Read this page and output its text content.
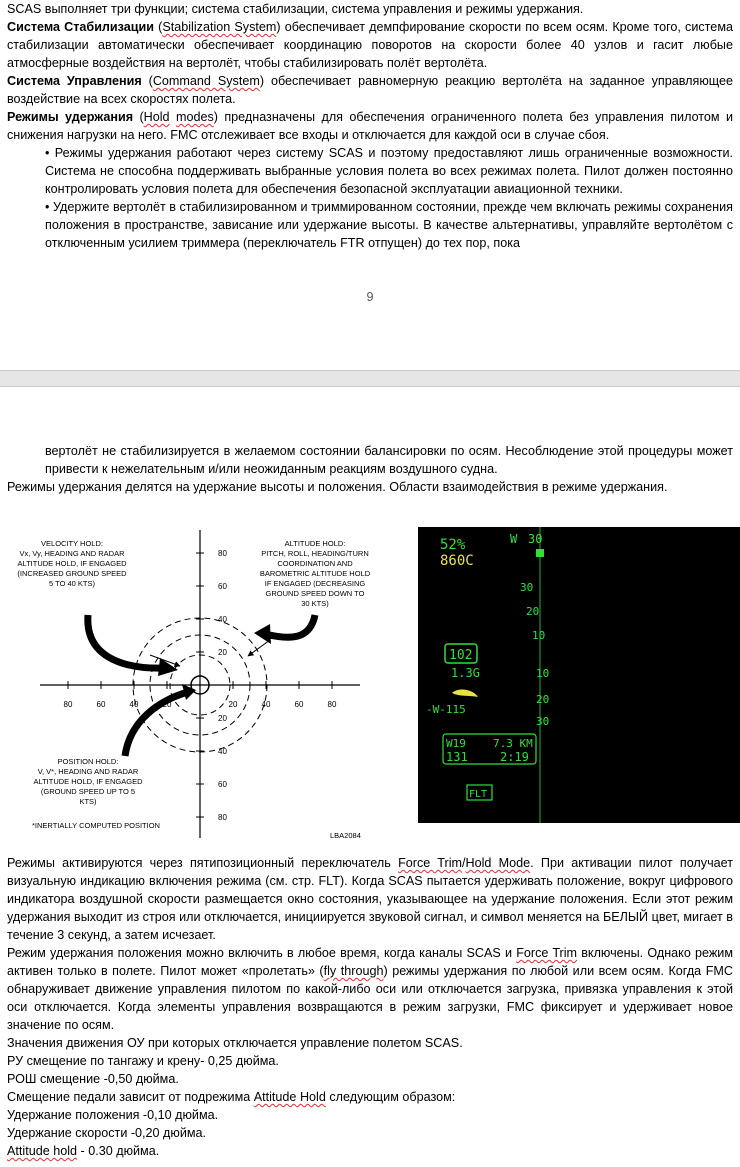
SCAS выполняет три функции; система стабилизации, система управления и режимы удержания.

Система Стабилизации (Stabilization System) обеспечивает демпфирование скорости по всем осям. Кроме того, система стабилизации автоматически обеспечивает координацию поворотов на скорости более 40 узлов и гасит любые атмосферные воздействия на вертолёт, чтобы стабилизировать полёт вертолёта.

Система Управления (Command System) обеспечивает равномерную реакцию вертолёта на заданное управляющее воздействие на всех скоростях полета.

Режимы удержания (Hold modes) предназначены для обеспечения ограниченного полета без управления пилотом и снижения нагрузки на него. FMC отслеживает все входы и отключается для каждой оси в случае сбоя.

• Режимы удержания работают через систему SCAS и поэтому предоставляют лишь ограниченные возможности. Система не способна поддерживать выбранные условия полета во всех режимах полета. Пилот должен постоянно контролировать условия полета для обеспечения безопасной эксплуатации авиационной техники.

• Удержите вертолёт в стабилизированном и триммированном состоянии, прежде чем включать режимы сохранения положения в пространстве, зависание или удержание высоты. В качестве альтернативы, управляйте вертолётом с отключенным усилием триммера (переключатель FTR отпущен) до тех пор, пока

9

вертолёт не стабилизируется в желаемом состоянии балансировки по осям. Несоблюдение этой процедуры может привести к нежелательным и/или неожиданным реакциям воздушного судна.

Режимы удержания делятся на удержание высоты и положения. Области взаимодействия в режиме удержания.

80	60	40	20	20	40	60	80
80
60
40
20
20
40
60
80
VELOCITY HOLD: Vx, Vy, HEADING AND RADAR ALTITUDE HOLD, IF ENGAGED (INCREASED GROUND SPEED 5 TO 40 KTS)
ALTITUDE HOLD: PITCH, ROLL, HEADING/TURN COORDINATION AND BAROMETRIC ALTITUDE HOLD IF ENGAGED (DECREASING GROUND SPEED DOWN TO 30 KTS)
POSITION HOLD: V, V*, HEADING AND RADAR ALTITUDE HOLD, IF ENGAGED (GROUND SPEED UP TO 5 KTS)
*INERTIALLY COMPUTED POSITION
LBA2084
52%
860C
W 30
30
20
10
102
1.3G	10
-W-115
20
30
W19 7.3 KM
131	2:19
FLT

Режимы активируются через пятипозиционный переключатель Force Trim/Hold Mode. При активации пилот получает визуальную индикацию включения режима (см. стр. FLT). Когда SCAS пытается удерживать положение, вокруг цифрового индикатора воздушной скорости размещается окно состояния, указывающее на удержание положения. Если этот режим удержания выходит из строя или отключается, инициируется звуковой сигнал, и символ меняется на БЕЛЫЙ цвет, мигает в течение 3 секунд, а затем исчезает.

Режим удержания положения можно включить в любое время, когда каналы SCAS и Force Trim включены. Однако режим активен только в полете. Пилот может «пролетать» (fly through) режимы удержания по любой или всем осям. Когда FMC обнаруживает движение управления пилотом по какой-либо оси или отключается загрузка, привязка управления к этой оси отключается. Когда элементы управления возвращаются в режим загрузки, FMC фиксирует и удерживает новое значение по осям.

Значения движения ОУ при которых отключается управление полетом SCAS.

РУ смещение по тангажу и крену- 0,25 дюйма.

РОШ смещение -0,50 дюйма.

Смещение педали зависит от подрежима Attitude Hold следующим образом:

Удержание положения -0,10 дюйма.

Удержание скорости -0,20 дюйма.

Attitude hold - 0.30 дюйма.
